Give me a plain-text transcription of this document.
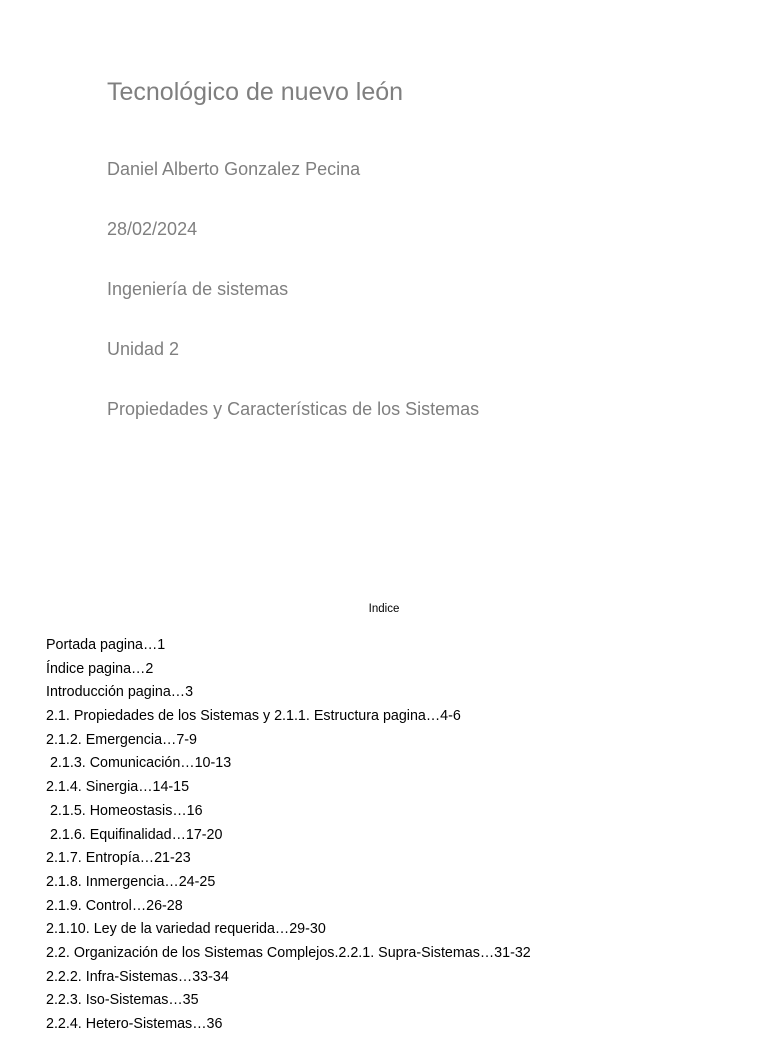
Tecnológico de nuevo león
Daniel Alberto Gonzalez Pecina
28/02/2024
Ingeniería de sistemas
Unidad 2
Propiedades y Características de los Sistemas
Indice
Portada pagina…1
Índice pagina…2
Introducción pagina…3
2.1. Propiedades de los Sistemas y 2.1.1. Estructura pagina…4-6
2.1.2. Emergencia…7-9
2.1.3. Comunicación…10-13
2.1.4. Sinergia…14-15
2.1.5. Homeostasis…16
2.1.6. Equifinalidad…17-20
2.1.7. Entropía…21-23
2.1.8. Inmergencia…24-25
2.1.9. Control…26-28
2.1.10. Ley de la variedad requerida…29-30
2.2. Organización de los Sistemas Complejos.2.2.1. Supra-Sistemas…31-32
2.2.2. Infra-Sistemas…33-34
2.2.3. Iso-Sistemas…35
2.2.4. Hetero-Sistemas…36
